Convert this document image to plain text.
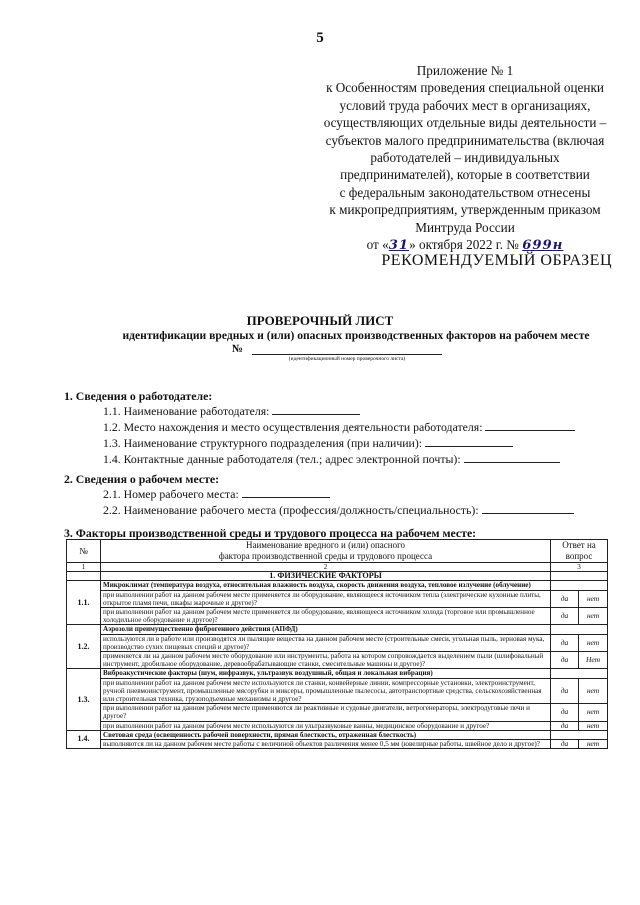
5
Приложение № 1
к Особенностям проведения специальной оценки
условий труда рабочих мест в организациях,
осуществляющих отдельные виды деятельности –
субъектов малого предпринимательства (включая
работодателей – индивидуальных
предпринимателей), которые в соответствии
с федеральным законодательством отнесены
к микропредприятиям, утвержденным приказом
Минтруда России
от «31» октября 2022 г. № 699н
РЕКОМЕНДУЕМЫЙ ОБРАЗЕЦ
ПРОВЕРОЧНЫЙ ЛИСТ
идентификации вредных и (или) опасных производственных факторов на рабочем месте
№
(идентификационный номер проверочного листа)
1. Сведения о работодателе:
1.1. Наименование работодателя:
1.2. Место нахождения и место осуществления деятельности работодателя:
1.3. Наименование структурного подразделения (при наличии):
1.4. Контактные данные работодателя (тел.; адрес электронной почты):
2. Сведения о рабочем месте:
2.1. Номер рабочего места:
2.2. Наименование рабочего места (профессия/должность/специальность):
3. Факторы производственной среды и трудового процесса на рабочем месте:
№	Наименование вредного и (или) опасного
фактора производственной среды и трудового процесса	Ответ на вопрос	
1	2	3	
	1. ФИЗИЧЕСКИЕ ФАКТОРЫ		
1.1.	Микроклимат (температура воздуха, относительная влажность воздуха, скорость движения воздуха, тепловое излучение (облучение)		
	при выполнении работ на данном рабочем месте применяется ли оборудование, являющееся источником тепла (электрические кухонные плиты, открытое пламя печи, шкафы жарочные и другое)?	да	нет
	при выполнении работ на данном рабочем месте применяется ли оборудование, являющееся источником холода (торговое или промышленное холодильное оборудование и другое)?	да	нет
1.2.	Аэрозоли преимущественно фиброгенного действия (АПФД)		
	используются ли в работе или производятся ли пылящие вещества на данном рабочем месте (строительные смеси, угольная пыль, зерновая мука, производство сухих пищевых специй и другое)?	да	нет
	применяется ли на данном рабочем месте оборудование или инструменты, работа на котором сопровождается выделением пыли (шлифовальный инструмент, дробильное оборудование, деревообрабатывающие станки, смесительные машины и другое)?	да	Нет
1.3.	Виброакустические факторы (шум, инфразвук, ультразвук воздушный, общая и локальная вибрация)		
	при выполнении работ на данном рабочем месте используются ли станки, конвейерные линии, компрессорные установки, электроинструмент, ручной пневмоинструмент, промышленные мясорубки и миксеры, промышленные пылесосы, автотранспортные средства, сельскохозяйственная или строительная техника, грузоподъемные механизмы и другое?	да	нет
	при выполнении работ на данном рабочем месте применяются ли реактивные и судовые двигатели, ветрогенераторы, электродуговые печи и другое?	да	нет
	при выполнении работ на данном рабочем месте используются ли ультразвуковые ванны, медицинское оборудование и другое?	да	нет
1.4.	Световая среда (освещенность рабочей поверхности, прямая блесткость, отраженная блесткость)		
	выполняются ли на данном рабочем месте работы с величиной объектов различения менее 0,5 мм (ювелирные работы, швейное дело и другое)?	да	нет
